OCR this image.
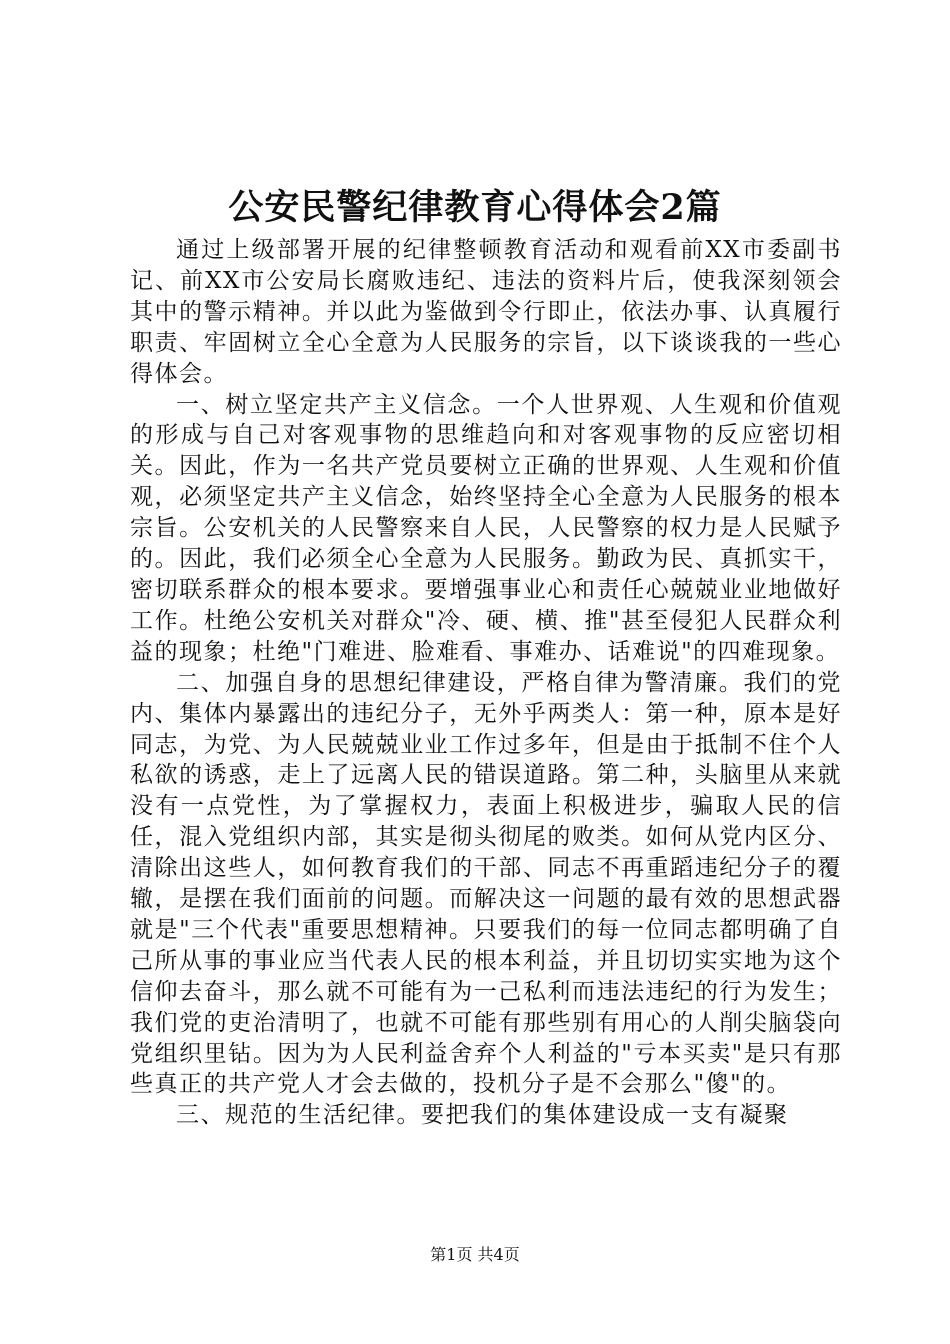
公安民警纪律教育心得体会2篇

通过上级部署开展的纪律整顿教育活动和观看前XX市委副书记、前XX市公安局长腐败违纪、违法的资料片后，使我深刻领会其中的警示精神。并以此为鉴做到令行即止，依法办事、认真履行职责、牢固树立全心全意为人民服务的宗旨，以下谈谈我的一些心得体会。

一、树立坚定共产主义信念。一个人世界观、人生观和价值观的形成与自己对客观事物的思维趋向和对客观事物的反应密切相关。因此，作为一名共产党员要树立正确的世界观、人生观和价值观，必须坚定共产主义信念，始终坚持全心全意为人民服务的根本宗旨。公安机关的人民警察来自人民，人民警察的权力是人民赋予的。因此，我们必须全心全意为人民服务。勤政为民、真抓实干，密切联系群众的根本要求。要增强事业心和责任心兢兢业业地做好工作。杜绝公安机关对群众"冷、硬、横、推"甚至侵犯人民群众利益的现象；杜绝"门难进、脸难看、事难办、话难说"的四难现象。

二、加强自身的思想纪律建设，严格自律为警清廉。我们的党内、集体内暴露出的违纪分子，无外乎两类人：第一种，原本是好同志，为党、为人民兢兢业业工作过多年，但是由于抵制不住个人私欲的诱惑，走上了远离人民的错误道路。第二种，头脑里从来就没有一点党性，为了掌握权力，表面上积极进步，骗取人民的信任，混入党组织内部，其实是彻头彻尾的败类。如何从党内区分、清除出这些人，如何教育我们的干部、同志不再重蹈违纪分子的覆辙，是摆在我们面前的问题。而解决这一问题的最有效的思想武器就是"三个代表"重要思想精神。只要我们的每一位同志都明确了自己所从事的事业应当代表人民的根本利益，并且切切实实地为这个信仰去奋斗，那么就不可能有为一己私利而违法违纪的行为发生；我们党的吏治清明了，也就不可能有那些别有用心的人削尖脑袋向党组织里钻。因为为人民利益舍弃个人利益的"亏本买卖"是只有那些真正的共产党人才会去做的，投机分子是不会那么"傻"的。

三、规范的生活纪律。要把我们的集体建设成一支有凝聚

第1页 共4页
